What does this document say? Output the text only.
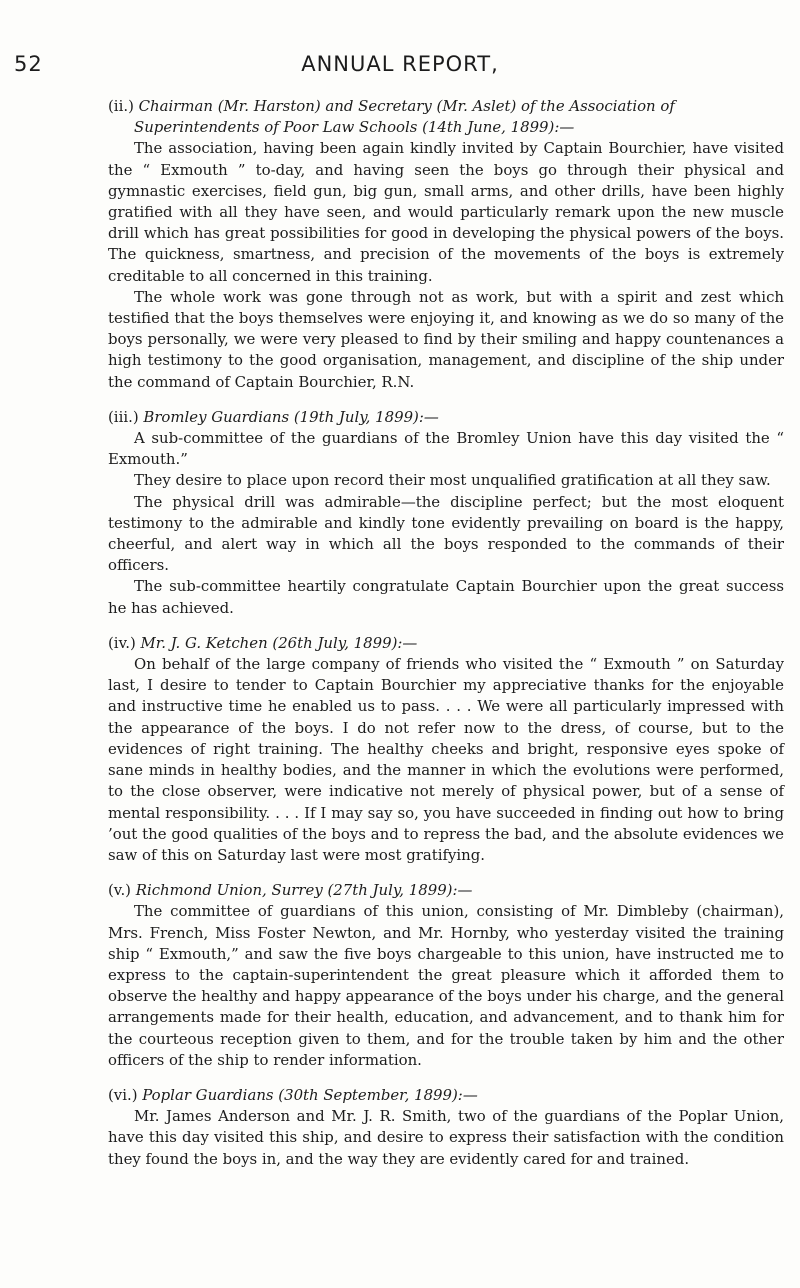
52	ANNUAL REPORT,

(ii.) Chairman (Mr. Harston) and Secretary (Mr. Aslet) of the Association of
Superintendents of Poor Law Schools (14th June, 1899):—

The association, having been again kindly invited by Captain Bourchier, have visited the “ Exmouth ” to-day, and having seen the boys go through their physical and gymnastic exercises, field gun, big gun, small arms, and other drills, have been highly gratified with all they have seen, and would particularly remark upon the new muscle drill which has great possibilities for good in developing the physical powers of the boys. The quickness, smartness, and precision of the movements of the boys is extremely creditable to all concerned in this training.

The whole work was gone through not as work, but with a spirit and zest which testified that the boys themselves were enjoying it, and knowing as we do so many of the boys personally, we were very pleased to find by their smiling and happy countenances a high testimony to the good organisation, management, and discipline of the ship under the command of Captain Bourchier, R.N.

(iii.) Bromley Guardians (19th July, 1899):—

A sub-committee of the guardians of the Bromley Union have this day visited the “ Exmouth.”

They desire to place upon record their most unqualified gratification at all they saw.

The physical drill was admirable—the discipline perfect; but the most eloquent testimony to the admirable and kindly tone evidently prevailing on board is the happy, cheerful, and alert way in which all the boys responded to the commands of their officers.

The sub-committee heartily congratulate Captain Bourchier upon the great success he has achieved.

(iv.) Mr. J. G. Ketchen (26th July, 1899):—

On behalf of the large company of friends who visited the “ Exmouth ” on Saturday last, I desire to tender to Captain Bourchier my appreciative thanks for the enjoyable and instructive time he enabled us to pass. . . . We were all particularly impressed with the appearance of the boys. I do not refer now to the dress, of course, but to the evidences of right training. The healthy cheeks and bright, responsive eyes spoke of sane minds in healthy bodies, and the manner in which the evolutions were performed, to the close observer, were indicative not merely of physical power, but of a sense of mental responsibility. . . . If I may say so, you have succeeded in finding out how to bring ’out the good qualities of the boys and to repress the bad, and the absolute evidences we saw of this on Saturday last were most gratifying.

(v.) Richmond Union, Surrey (27th July, 1899):—

The committee of guardians of this union, consisting of Mr. Dimbleby (chairman), Mrs. French, Miss Foster Newton, and Mr. Hornby, who yesterday visited the training ship “ Exmouth,” and saw the five boys chargeable to this union, have instructed me to express to the captain-superintendent the great pleasure which it afforded them to observe the healthy and happy appearance of the boys under his charge, and the general arrangements made for their health, education, and advancement, and to thank him for the courteous reception given to them, and for the trouble taken by him and the other officers of the ship to render information.

(vi.) Poplar Guardians (30th September, 1899):—

Mr. James Anderson and Mr. J. R. Smith, two of the guardians of the Poplar Union, have this day visited this ship, and desire to express their satisfaction with the condition they found the boys in, and the way they are evidently cared for and trained.
